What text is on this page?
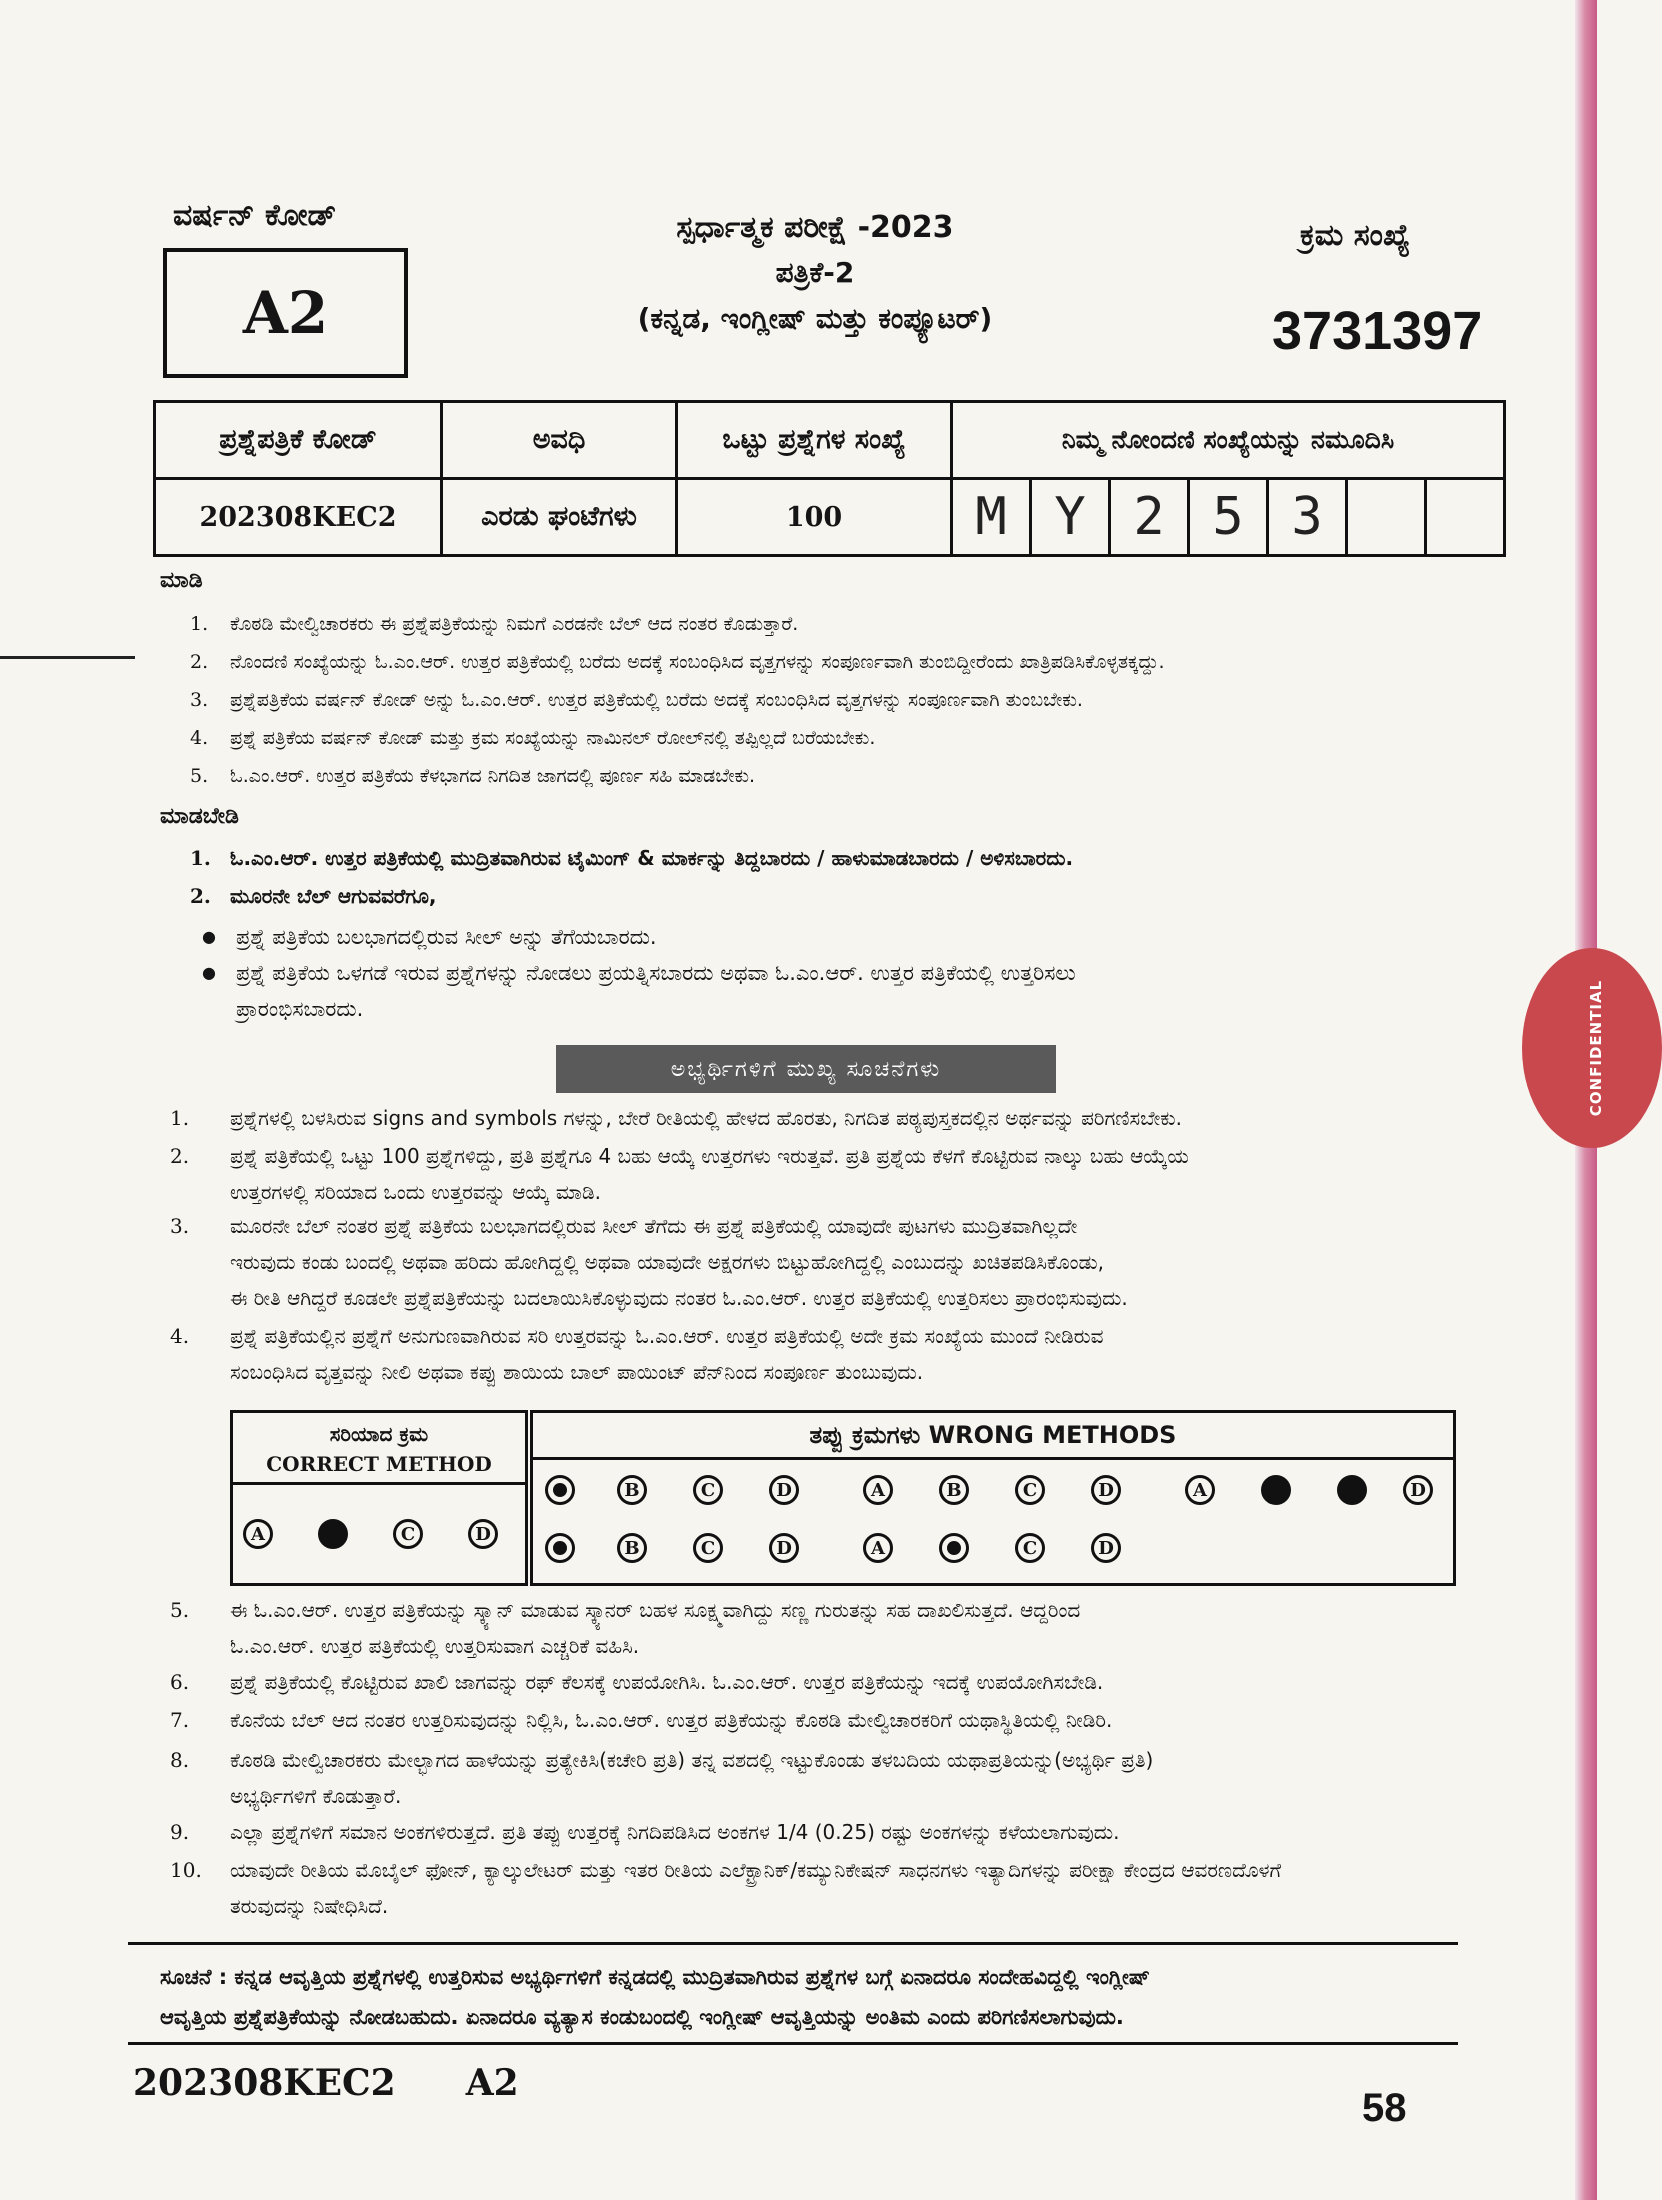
ವರ್ಷನ್ ಕೋಡ್
A2
ಸ್ಪರ್ಧಾತ್ಮಕ ಪರೀಕ್ಷೆ -2023
ಪತ್ರಿಕೆ-2
(ಕನ್ನಡ, ಇಂಗ್ಲೀಷ್ ಮತ್ತು ಕಂಪ್ಯೂಟರ್)
ಕ್ರಮ ಸಂಖ್ಯೆ
3731397
ಪ್ರಶ್ನೆಪತ್ರಿಕೆ ಕೋಡ್	ಅವಧಿ	ಒಟ್ಟು ಪ್ರಶ್ನೆಗಳ ಸಂಖ್ಯೆ	ನಿಮ್ಮ ನೋಂದಣಿ ಸಂಖ್ಯೆಯನ್ನು ನಮೂದಿಸಿ						
202308KEC2	ಎರಡು ಘಂಟೆಗಳು	100	M	Y	2	5	3		
ಮಾಡಿ
1. ಕೊಠಡಿ ಮೇಲ್ವಿಚಾರಕರು ಈ ಪ್ರಶ್ನೆಪತ್ರಿಕೆಯನ್ನು ನಿಮಗೆ ಎರಡನೇ ಬೆಲ್ ಆದ ನಂತರ ಕೊಡುತ್ತಾರೆ.
2. ನೊಂದಣಿ ಸಂಖ್ಯೆಯನ್ನು ಓ.ಎಂ.ಆರ್. ಉತ್ತರ ಪತ್ರಿಕೆಯಲ್ಲಿ ಬರೆದು ಅದಕ್ಕೆ ಸಂಬಂಧಿಸಿದ ವೃತ್ತಗಳನ್ನು ಸಂಪೂರ್ಣವಾಗಿ ತುಂಬಿದ್ದೀರೆಂದು ಖಾತ್ರಿಪಡಿಸಿಕೊಳ್ಳತಕ್ಕದ್ದು.
3. ಪ್ರಶ್ನೆಪತ್ರಿಕೆಯ ವರ್ಷನ್ ಕೋಡ್ ಅನ್ನು ಓ.ಎಂ.ಆರ್. ಉತ್ತರ ಪತ್ರಿಕೆಯಲ್ಲಿ ಬರೆದು ಅದಕ್ಕೆ ಸಂಬಂಧಿಸಿದ ವೃತ್ತಗಳನ್ನು ಸಂಪೂರ್ಣವಾಗಿ ತುಂಬಬೇಕು.
4. ಪ್ರಶ್ನೆ ಪತ್ರಿಕೆಯ ವರ್ಷನ್ ಕೋಡ್ ಮತ್ತು ಕ್ರಮ ಸಂಖ್ಯೆಯನ್ನು ನಾಮಿನಲ್ ರೋಲ್‌ನಲ್ಲಿ ತಪ್ಪಿಲ್ಲದೆ ಬರೆಯಬೇಕು.
5. ಓ.ಎಂ.ಆರ್. ಉತ್ತರ ಪತ್ರಿಕೆಯ ಕೆಳಭಾಗದ ನಿಗದಿತ ಜಾಗದಲ್ಲಿ ಪೂರ್ಣ ಸಹಿ ಮಾಡಬೇಕು.
ಮಾಡಬೇಡಿ
1. ಓ.ಎಂ.ಆರ್. ಉತ್ತರ ಪತ್ರಿಕೆಯಲ್ಲಿ ಮುದ್ರಿತವಾಗಿರುವ ಟೈಮಿಂಗ್ & ಮಾರ್ಕನ್ನು ತಿದ್ದಬಾರದು / ಹಾಳುಮಾಡಬಾರದು / ಅಳಿಸಬಾರದು.
2. ಮೂರನೇ ಬೆಲ್ ಆಗುವವರೆಗೂ,
● ಪ್ರಶ್ನೆ ಪತ್ರಿಕೆಯ ಬಲಭಾಗದಲ್ಲಿರುವ ಸೀಲ್ ಅನ್ನು ತೆಗೆಯಬಾರದು.
● ಪ್ರಶ್ನೆ ಪತ್ರಿಕೆಯ ಒಳಗಡೆ ಇರುವ ಪ್ರಶ್ನೆಗಳನ್ನು ನೋಡಲು ಪ್ರಯತ್ನಿಸಬಾರದು ಅಥವಾ ಓ.ಎಂ.ಆರ್. ಉತ್ತರ ಪತ್ರಿಕೆಯಲ್ಲಿ ಉತ್ತರಿಸಲು
ಪ್ರಾರಂಭಿಸಬಾರದು.
ಅಭ್ಯರ್ಥಿಗಳಿಗೆ ಮುಖ್ಯ ಸೂಚನೆಗಳು
1. ಪ್ರಶ್ನೆಗಳಲ್ಲಿ ಬಳಸಿರುವ signs and symbols ಗಳನ್ನು, ಬೇರೆ ರೀತಿಯಲ್ಲಿ ಹೇಳದ ಹೊರತು, ನಿಗದಿತ ಪಠ್ಯಪುಸ್ತಕದಲ್ಲಿನ ಅರ್ಥವನ್ನು ಪರಿಗಣಿಸಬೇಕು.
2. ಪ್ರಶ್ನೆ ಪತ್ರಿಕೆಯಲ್ಲಿ ಒಟ್ಟು 100 ಪ್ರಶ್ನೆಗಳಿದ್ದು, ಪ್ರತಿ ಪ್ರಶ್ನೆಗೂ 4 ಬಹು ಆಯ್ಕೆ ಉತ್ತರಗಳು ಇರುತ್ತವೆ. ಪ್ರತಿ ಪ್ರಶ್ನೆಯ ಕೆಳಗೆ ಕೊಟ್ಟಿರುವ ನಾಲ್ಕು ಬಹು ಆಯ್ಕೆಯ
ಉತ್ತರಗಳಲ್ಲಿ ಸರಿಯಾದ ಒಂದು ಉತ್ತರವನ್ನು ಆಯ್ಕೆ ಮಾಡಿ.
3. ಮೂರನೇ ಬೆಲ್ ನಂತರ ಪ್ರಶ್ನೆ ಪತ್ರಿಕೆಯ ಬಲಭಾಗದಲ್ಲಿರುವ ಸೀಲ್ ತೆಗೆದು ಈ ಪ್ರಶ್ನೆ ಪತ್ರಿಕೆಯಲ್ಲಿ ಯಾವುದೇ ಪುಟಗಳು ಮುದ್ರಿತವಾಗಿಲ್ಲದೇ
ಇರುವುದು ಕಂಡು ಬಂದಲ್ಲಿ ಅಥವಾ ಹರಿದು ಹೋಗಿದ್ದಲ್ಲಿ ಅಥವಾ ಯಾವುದೇ ಅಕ್ಷರಗಳು ಬಿಟ್ಟುಹೋಗಿದ್ದಲ್ಲಿ ಎಂಬುದನ್ನು ಖಚಿತಪಡಿಸಿಕೊಂಡು,
ಈ ರೀತಿ ಆಗಿದ್ದರೆ ಕೂಡಲೇ ಪ್ರಶ್ನೆಪತ್ರಿಕೆಯನ್ನು ಬದಲಾಯಿಸಿಕೊಳ್ಳುವುದು ನಂತರ ಓ.ಎಂ.ಆರ್. ಉತ್ತರ ಪತ್ರಿಕೆಯಲ್ಲಿ ಉತ್ತರಿಸಲು ಪ್ರಾರಂಭಿಸುವುದು.
4. ಪ್ರಶ್ನೆ ಪತ್ರಿಕೆಯಲ್ಲಿನ ಪ್ರಶ್ನೆಗೆ ಅನುಗುಣವಾಗಿರುವ ಸರಿ ಉತ್ತರವನ್ನು ಓ.ಎಂ.ಆರ್. ಉತ್ತರ ಪತ್ರಿಕೆಯಲ್ಲಿ ಅದೇ ಕ್ರಮ ಸಂಖ್ಯೆಯ ಮುಂದೆ ನೀಡಿರುವ
ಸಂಬಂಧಿಸಿದ ವೃತ್ತವನ್ನು ನೀಲಿ ಅಥವಾ ಕಪ್ಪು ಶಾಯಿಯ ಬಾಲ್ ಪಾಯಿಂಟ್ ಪೆನ್‌ನಿಂದ ಸಂಪೂರ್ಣ ತುಂಬುವುದು.
ಸರಿಯಾದ ಕ್ರಮ
CORRECT METHOD
A	C	D
ತಪ್ಪು ಕ್ರಮಗಳು WRONG METHODS
B	C	D	A	B	C	D	A	D
B	C	D	A	C	D
5. ಈ ಓ.ಎಂ.ಆರ್. ಉತ್ತರ ಪತ್ರಿಕೆಯನ್ನು ಸ್ಕ್ಯಾನ್ ಮಾಡುವ ಸ್ಕ್ಯಾನರ್ ಬಹಳ ಸೂಕ್ಷ್ಮವಾಗಿದ್ದು ಸಣ್ಣ ಗುರುತನ್ನು ಸಹ ದಾಖಲಿಸುತ್ತದೆ. ಆದ್ದರಿಂದ
ಓ.ಎಂ.ಆರ್. ಉತ್ತರ ಪತ್ರಿಕೆಯಲ್ಲಿ ಉತ್ತರಿಸುವಾಗ ಎಚ್ಚರಿಕೆ ವಹಿಸಿ.
6. ಪ್ರಶ್ನೆ ಪತ್ರಿಕೆಯಲ್ಲಿ ಕೊಟ್ಟಿರುವ ಖಾಲಿ ಜಾಗವನ್ನು ರಫ್ ಕೆಲಸಕ್ಕೆ ಉಪಯೋಗಿಸಿ. ಓ.ಎಂ.ಆರ್. ಉತ್ತರ ಪತ್ರಿಕೆಯನ್ನು ಇದಕ್ಕೆ ಉಪಯೋಗಿಸಬೇಡಿ.
7. ಕೊನೆಯ ಬೆಲ್ ಆದ ನಂತರ ಉತ್ತರಿಸುವುದನ್ನು ನಿಲ್ಲಿಸಿ, ಓ.ಎಂ.ಆರ್. ಉತ್ತರ ಪತ್ರಿಕೆಯನ್ನು ಕೊಠಡಿ ಮೇಲ್ವಿಚಾರಕರಿಗೆ ಯಥಾಸ್ಥಿತಿಯಲ್ಲಿ ನೀಡಿರಿ.
8. ಕೊಠಡಿ ಮೇಲ್ವಿಚಾರಕರು ಮೇಲ್ಭಾಗದ ಹಾಳೆಯನ್ನು ಪ್ರತ್ಯೇಕಿಸಿ(ಕಚೇರಿ ಪ್ರತಿ) ತನ್ನ ವಶದಲ್ಲಿ ಇಟ್ಟುಕೊಂಡು ತಳಬದಿಯ ಯಥಾಪ್ರತಿಯನ್ನು(ಅಭ್ಯರ್ಥಿ ಪ್ರತಿ)
ಅಭ್ಯರ್ಥಿಗಳಿಗೆ ಕೊಡುತ್ತಾರೆ.
9. ಎಲ್ಲಾ ಪ್ರಶ್ನೆಗಳಿಗೆ ಸಮಾನ ಅಂಕಗಳಿರುತ್ತದೆ. ಪ್ರತಿ ತಪ್ಪು ಉತ್ತರಕ್ಕೆ ನಿಗದಿಪಡಿಸಿದ ಅಂಕಗಳ 1/4 (0.25) ರಷ್ಟು ಅಂಕಗಳನ್ನು ಕಳೆಯಲಾಗುವುದು.
10. ಯಾವುದೇ ರೀತಿಯ ಮೊಬೈಲ್ ಫೋನ್, ಕ್ಯಾಲ್ಕುಲೇಟರ್ ಮತ್ತು ಇತರ ರೀತಿಯ ಎಲೆಕ್ಟ್ರಾನಿಕ್/ಕಮ್ಯುನಿಕೇಷನ್ ಸಾಧನಗಳು ಇತ್ಯಾದಿಗಳನ್ನು ಪರೀಕ್ಷಾ ಕೇಂದ್ರದ ಆವರಣದೊಳಗೆ
ತರುವುದನ್ನು ನಿಷೇಧಿಸಿದೆ.
ಸೂಚನೆ : ಕನ್ನಡ ಆವೃತ್ತಿಯ ಪ್ರಶ್ನೆಗಳಲ್ಲಿ ಉತ್ತರಿಸುವ ಅಭ್ಯರ್ಥಿಗಳಿಗೆ ಕನ್ನಡದಲ್ಲಿ ಮುದ್ರಿತವಾಗಿರುವ ಪ್ರಶ್ನೆಗಳ ಬಗ್ಗೆ ಏನಾದರೂ ಸಂದೇಹವಿದ್ದಲ್ಲಿ ಇಂಗ್ಲೀಷ್
ಆವೃತ್ತಿಯ ಪ್ರಶ್ನೆಪತ್ರಿಕೆಯನ್ನು ನೋಡಬಹುದು. ಏನಾದರೂ ವ್ಯತ್ಯಾಸ ಕಂಡುಬಂದಲ್ಲಿ ಇಂಗ್ಲೀಷ್ ಆವೃತ್ತಿಯನ್ನು ಅಂತಿಮ ಎಂದು ಪರಿಗಣಿಸಲಾಗುವುದು.
202308KEC2 A2
58
CONFIDENTIAL
